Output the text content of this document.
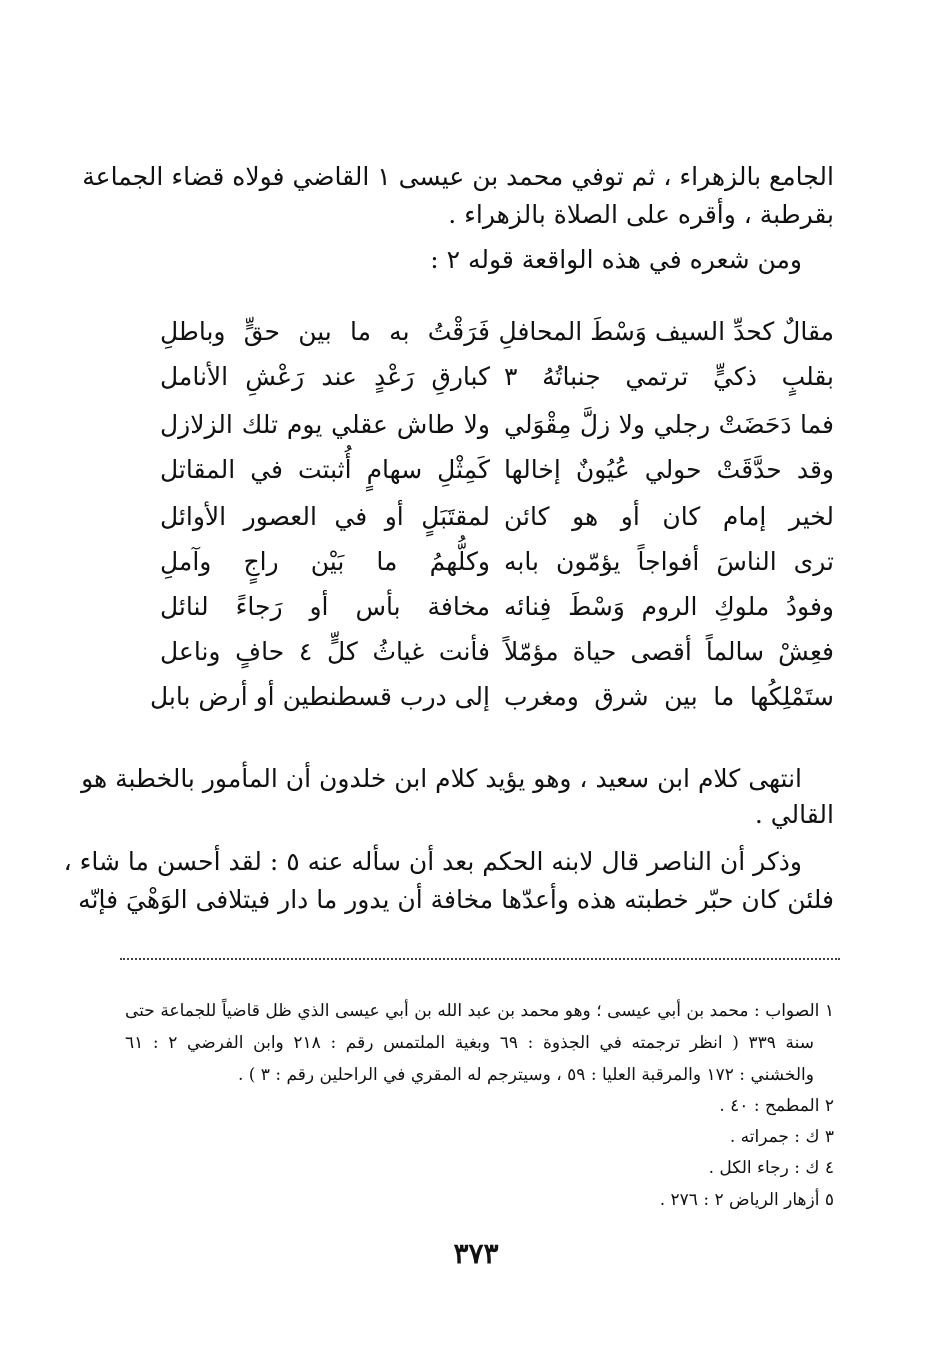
الجامع بالزهراء ، ثم توفي محمد بن عيسى ١ القاضي فولاه قضاء الجماعة
بقرطبة ، وأقره على الصلاة بالزهراء .
ومن شعره في هذه الواقعة قوله ٢ :
مقالٌ كحدِّ السيف وَسْطَ المحافلِ
فَرَقْتُ به ما بين حقٍّ وباطلِ
بقلبٍ ذكيٍّ ترتمي جنباتُهُ ٣
كبارقِ رَعْدٍ عند رَعْشِ الأنامل
فما دَحَضَتْ رجلي ولا زلَّ مِقْوَلي
ولا طاش عقلي يوم تلك الزلازل
وقد حدَّقَتْ حولي عُيُونٌ إخالها
كَمِثْلِ سهامٍ أُثبتت في المقاتل
لخير إمام كان أو هو كائن
لمقتَبَلٍ أو في العصور الأوائل
ترى الناسَ أفواجاً يؤمّون بابه
وكلُّهمُ ما بَيْن راجٍ وآملِ
وفودُ ملوكِ الروم وَسْطَ فِنائه
مخافة بأس أو رَجاءً لنائل
فعِشْ سالماً أقصى حياة مؤمّلاً
فأنت غياثُ كلٍّ ٤ حافٍ وناعل
ستَمْلِكُها ما بين شرق ومغرب
إلى درب قسطنطين أو أرض بابل
انتهى كلام ابن سعيد ، وهو يؤيد كلام ابن خلدون أن المأمور بالخطبة هو
القالي .
وذكر أن الناصر قال لابنه الحكم بعد أن سأله عنه ٥ : لقد أحسن ما شاء ،
فلئن كان حبّر خطبته هذه وأعدّها مخافة أن يدور ما دار فيتلافى الوَهْيَ فإنّه
١ الصواب : محمد بن أبي عيسى ؛ وهو محمد بن عبد الله بن أبي عيسى الذي ظل قاضياً للجماعة حتى
سنة ٣٣٩ ( انظر ترجمته في الجذوة : ٦٩ وبغية الملتمس رقم : ٢١٨ وابن الفرضي ٢ : ٦١
والخشني : ١٧٢ والمرقبة العليا : ٥٩ ، وسيترجم له المقري في الراحلين رقم : ٣ ) .
٢ المطمح : ٤٠ .
٣ ك : جمراته .
٤ ك : رجاء الكل .
٥ أزهار الرياض ٢ : ٢٧٦ .
٣٧٣
